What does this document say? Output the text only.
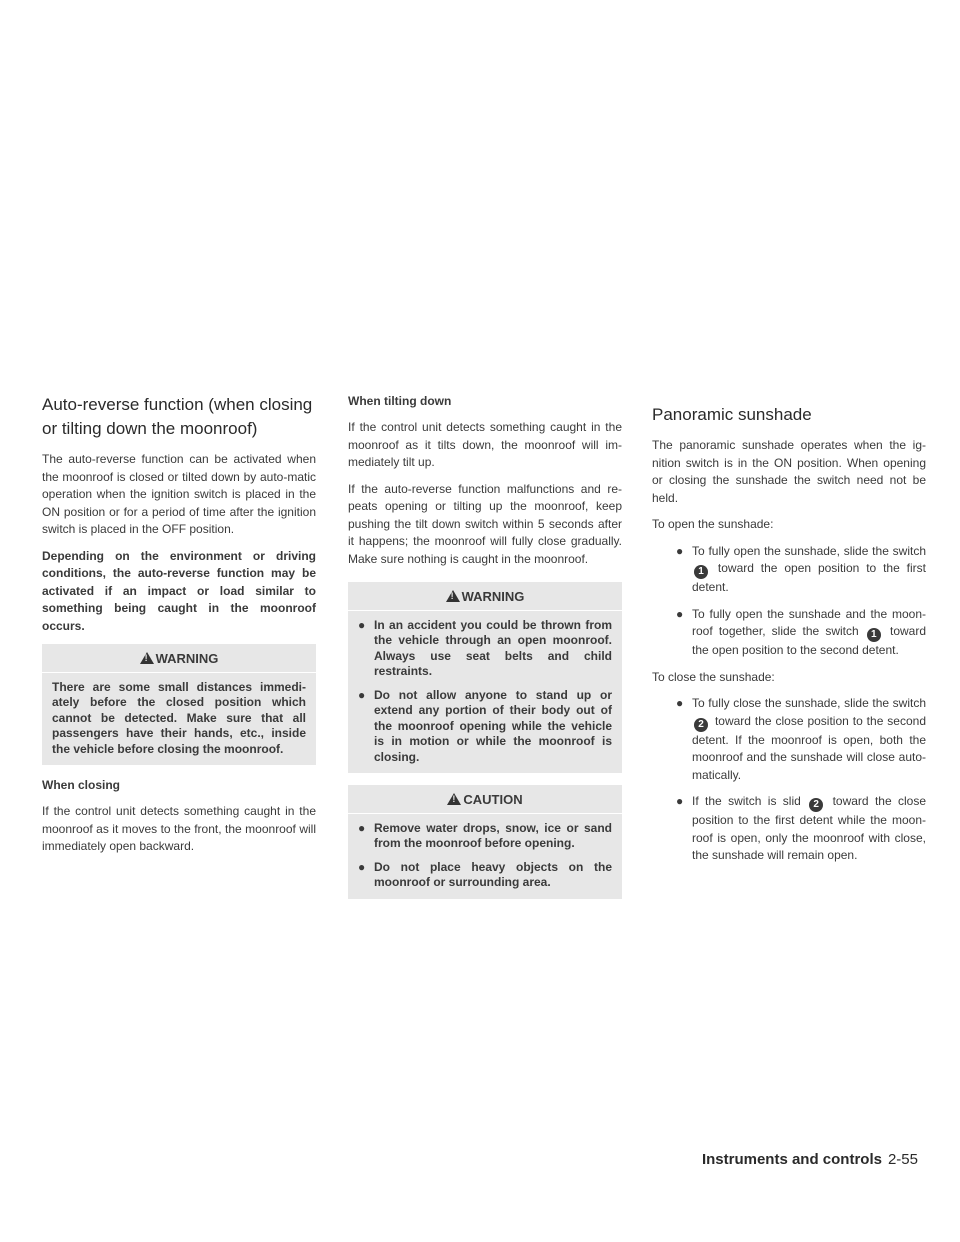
Auto-reverse function (when closing or tilting down the moonroof)

The auto-reverse function can be activated when the moonroof is closed or tilted down by auto-matic operation when the ignition switch is placed in the ON position or for a period of time after the ignition switch is placed in the OFF position.

Depending on the environment or driving conditions, the auto-reverse function may be activated if an impact or load similar to something being caught in the moonroof occurs.

!WARNING
There are some small distances immedi-ately before the closed position which cannot be detected. Make sure that all passengers have their hands, etc., inside the vehicle before closing the moonroof.
When closing

If the control unit detects something caught in the moonroof as it moves to the front, the moonroof will immediately open backward.

When tilting down

If the control unit detects something caught in the moonroof as it tilts down, the moonroof will im-mediately tilt up.

If the auto-reverse function malfunctions and re-peats opening or tilting up the moonroof, keep pushing the tilt down switch within 5 seconds after it happens; the moonroof will fully close gradually. Make sure nothing is caught in the moonroof.

!WARNING
● In an accident you could be thrown from the vehicle through an open moonroof. Always use seat belts and child restraints.
● Do not allow anyone to stand up or extend any portion of their body out of the moonroof opening while the vehicle is in motion or while the moonroof is closing.
!CAUTION
● Remove water drops, snow, ice or sand from the moonroof before opening.
● Do not place heavy objects on the moonroof or surrounding area.
Panoramic sunshade

The panoramic sunshade operates when the ig-nition switch is in the ON position. When opening or closing the sunshade the switch need not be held.

To open the sunshade:

● To fully open the sunshade, slide the switch 1 toward the open position to the first detent.
● To fully open the sunshade and the moon-roof together, slide the switch 1 toward the open position to the second detent.

To close the sunshade:

● To fully close the sunshade, slide the switch 2 toward the close position to the second detent. If the moonroof is open, both the moonroof and the sunshade will close auto-matically.
● If the switch is slid 2 toward the close position to the first detent while the moon-roof is open, only the moonroof with close, the sunshade will remain open.
Instruments and controls 2-55
